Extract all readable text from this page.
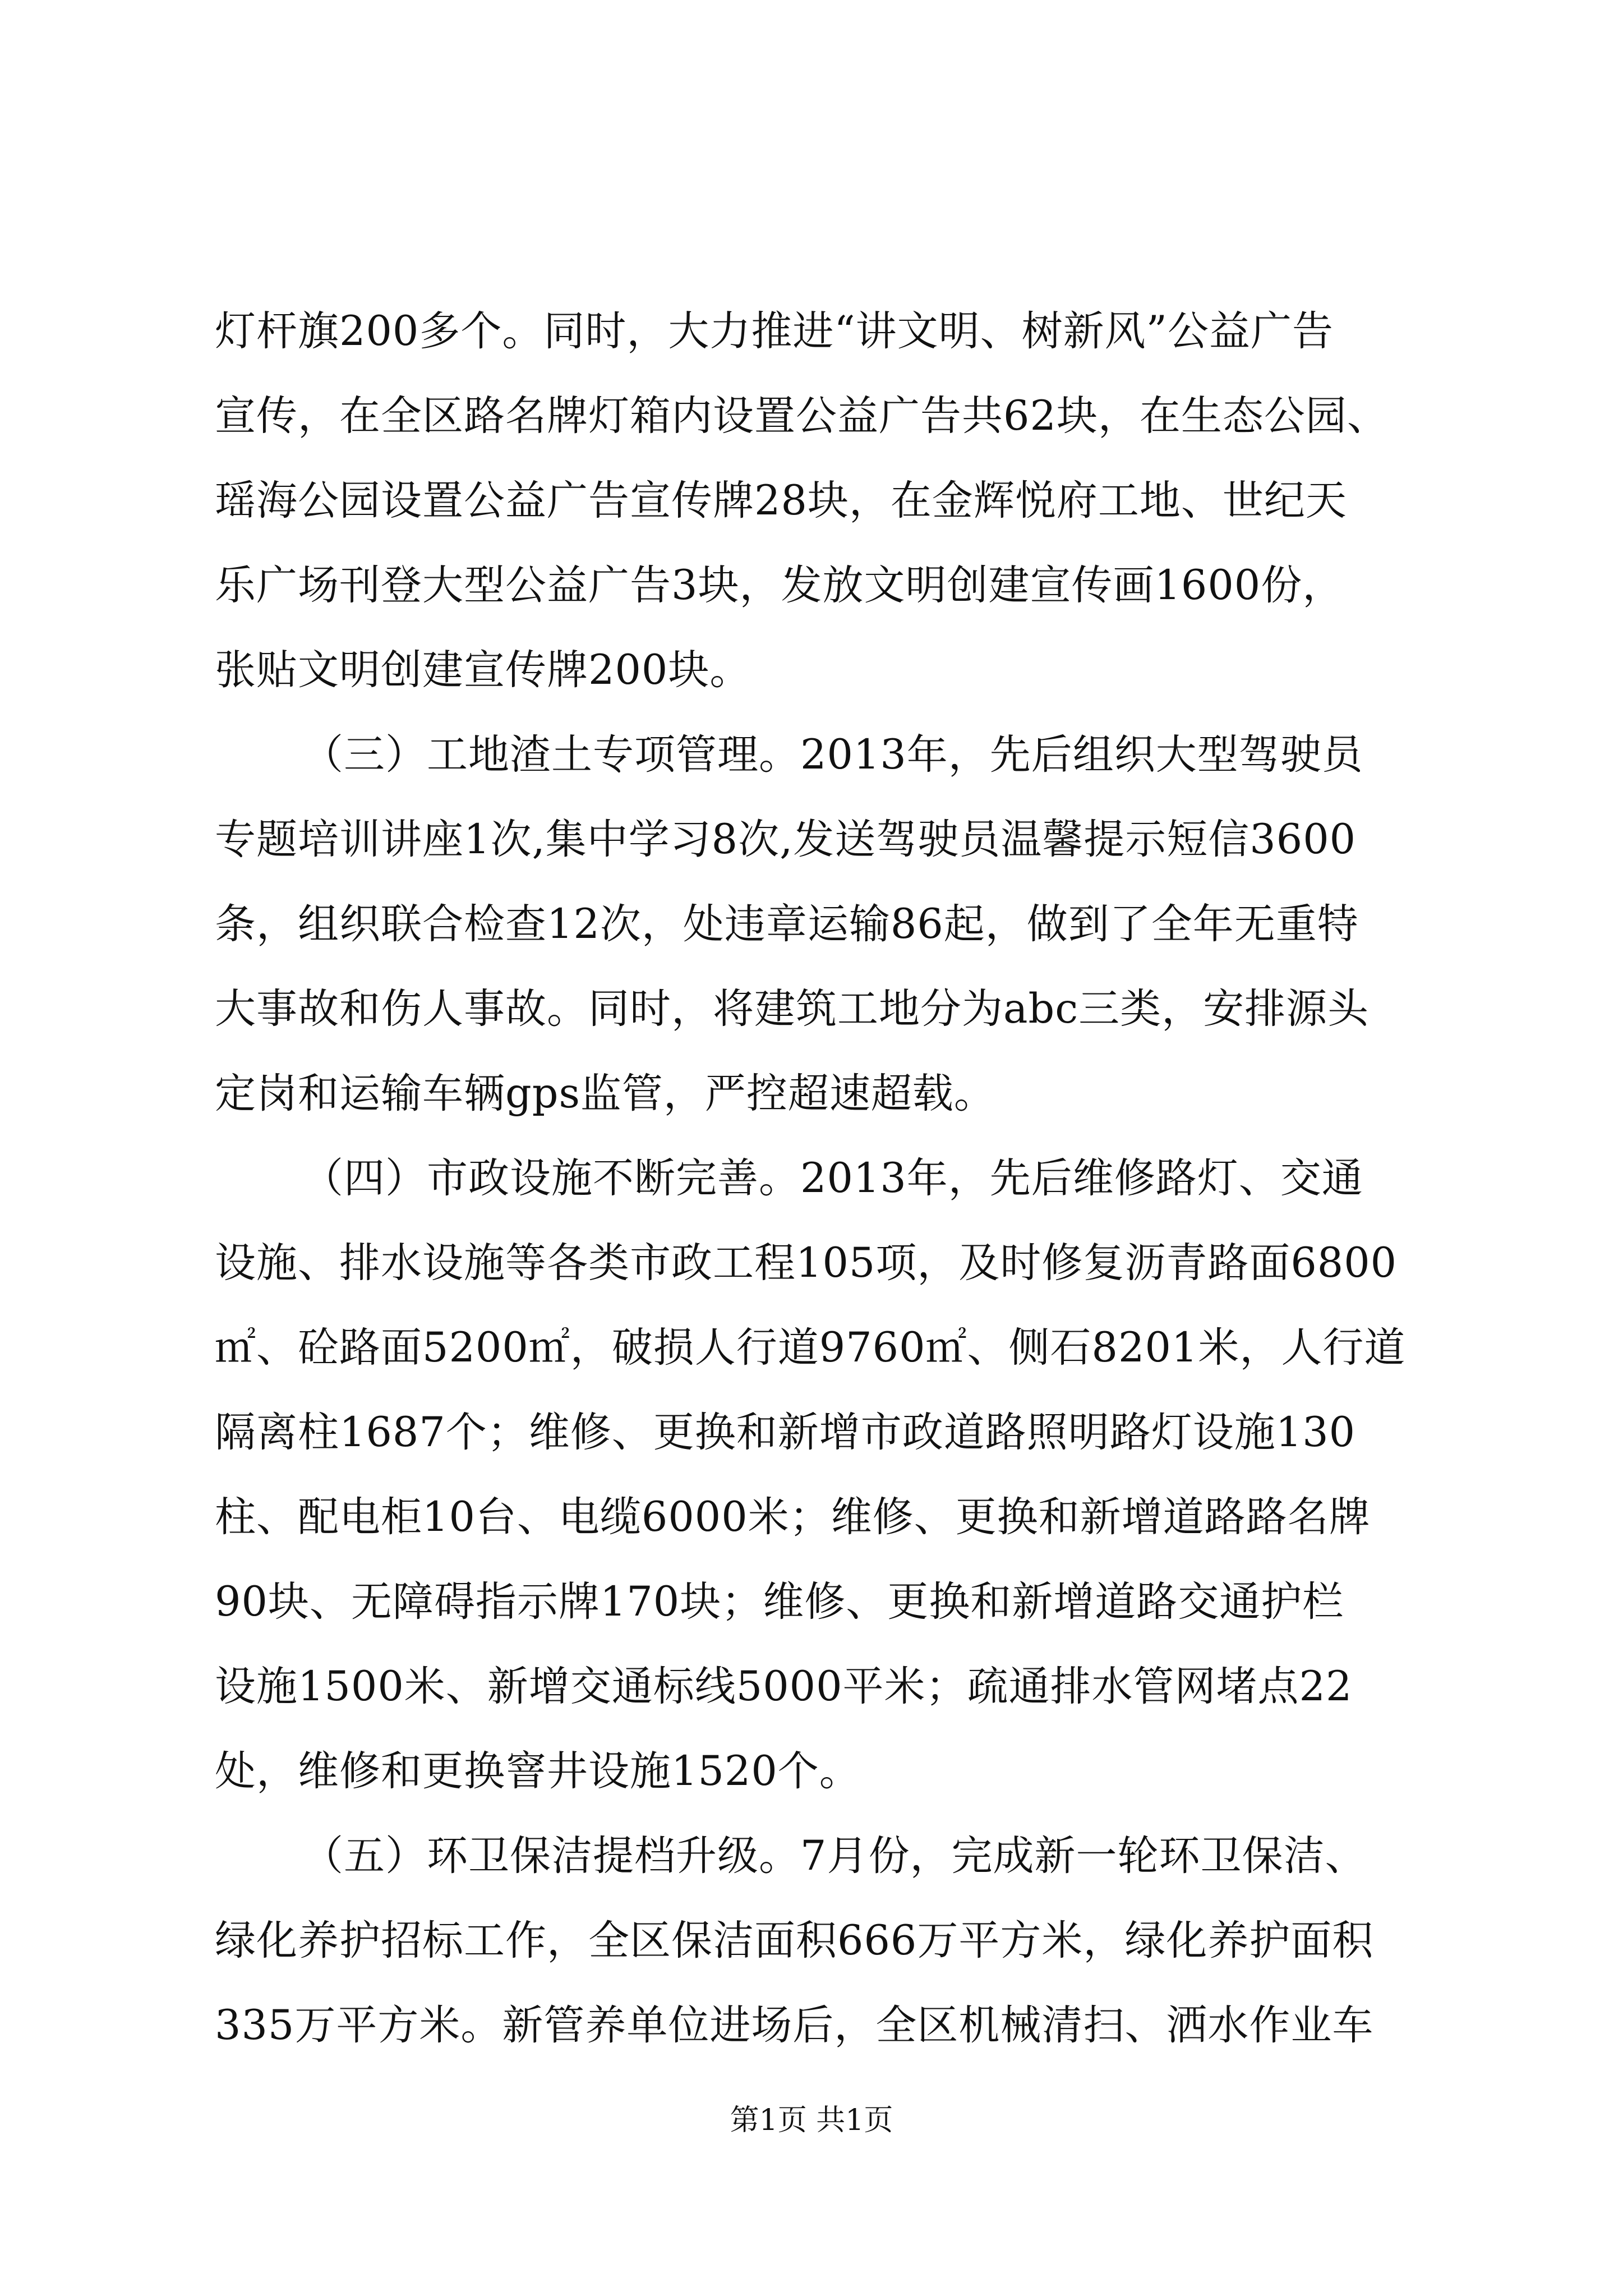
灯杆旗200多个。同时，大力推进“讲文明、树新风”公益广告
宣传，在全区路名牌灯箱内设置公益广告共62块，在生态公园、
瑶海公园设置公益广告宣传牌28块，在金辉悦府工地、世纪天
乐广场刊登大型公益广告3块，发放文明创建宣传画1600份，
张贴文明创建宣传牌200块。
（三）工地渣土专项管理。2013年，先后组织大型驾驶员
专题培训讲座1次,集中学习8次,发送驾驶员温馨提示短信3600
条，组织联合检查12次，处违章运输86起，做到了全年无重特
大事故和伤人事故。同时，将建筑工地分为abc三类，安排源头
定岗和运输车辆gps监管，严控超速超载。
（四）市政设施不断完善。2013年，先后维修路灯、交通
设施、排水设施等各类市政工程105项，及时修复沥青路面6800
㎡、砼路面5200㎡，破损人行道9760㎡、侧石8201米，人行道
隔离柱1687个；维修、更换和新增市政道路照明路灯设施130
柱、配电柜10台、电缆6000米；维修、更换和新增道路路名牌
90块、无障碍指示牌170块；维修、更换和新增道路交通护栏
设施1500米、新增交通标线5000平米；疏通排水管网堵点22
处，维修和更换窨井设施1520个。
（五）环卫保洁提档升级。7月份，完成新一轮环卫保洁、
绿化养护招标工作，全区保洁面积666万平方米，绿化养护面积
335万平方米。新管养单位进场后，全区机械清扫、洒水作业车
第1页 共1页
